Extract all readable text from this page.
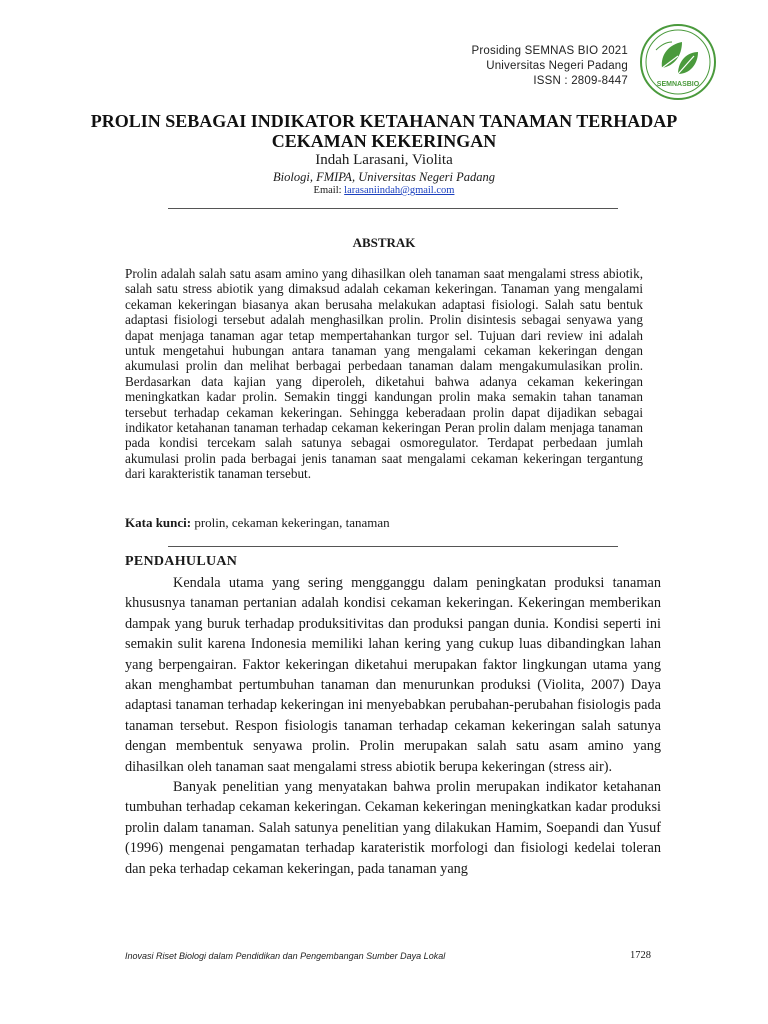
Prosiding SEMNAS BIO 2021
Universitas Negeri Padang
ISSN : 2809-8447	SEMNASBIO
PROLIN SEBAGAI INDIKATOR KETAHANAN TANAMAN TERHADAP
CEKAMAN KEKERINGAN
Indah Larasani, Violita
Biologi, FMIPA, Universitas Negeri Padang
Email: larasaniindah@gmail.com
ABSTRAK

Prolin adalah salah satu asam amino yang dihasilkan oleh tanaman saat mengalami stress abiotik, salah satu stress abiotik yang dimaksud adalah cekaman kekeringan. Tanaman yang mengalami cekaman kekeringan biasanya akan berusaha melakukan adaptasi fisiologi. Salah satu bentuk adaptasi fisiologi tersebut adalah menghasilkan prolin. Prolin disintesis sebagai senyawa yang dapat menjaga tanaman agar tetap mempertahankan turgor sel. Tujuan dari review ini adalah untuk mengetahui hubungan antara tanaman yang mengalami cekaman kekeringan dengan akumulasi prolin dan melihat berbagai perbedaan tanaman dalam mengakumulasikan prolin. Berdasarkan data kajian yang diperoleh, diketahui bahwa adanya cekaman kekeringan meningkatkan kadar prolin. Semakin tinggi kandungan prolin maka semakin tahan tanaman tersebut terhadap cekaman kekeringan. Sehingga keberadaan prolin dapat dijadikan sebagai indikator ketahanan tanaman terhadap cekaman kekeringan Peran prolin dalam menjaga tanaman pada kondisi tercekam salah satunya sebagai osmoregulator. Terdapat perbedaan jumlah akumulasi prolin pada berbagai jenis tanaman saat mengalami cekaman kekeringan tergantung dari karakteristik tanaman tersebut.

Kata kunci: prolin, cekaman kekeringan, tanaman
PENDAHULUAN

Kendala utama yang sering mengganggu dalam peningkatan produksi tanaman khususnya tanaman pertanian adalah kondisi cekaman kekeringan. Kekeringan memberikan dampak yang buruk terhadap produksitivitas dan produksi pangan dunia. Kondisi seperti ini semakin sulit karena Indonesia memiliki lahan kering yang cukup luas dibandingkan lahan yang berpengairan. Faktor kekeringan diketahui merupakan faktor lingkungan utama yang akan menghambat pertumbuhan tanaman dan menurunkan produksi (Violita, 2007) Daya adaptasi tanaman terhadap kekeringan ini menyebabkan perubahan-perubahan fisiologis pada tanaman tersebut. Respon fisiologis tanaman terhadap cekaman kekeringan salah satunya dengan membentuk senyawa prolin. Prolin merupakan salah satu asam amino yang dihasilkan oleh tanaman saat mengalami stress abiotik berupa kekeringan (stress air).

Banyak penelitian yang menyatakan bahwa prolin merupakan indikator ketahanan tumbuhan terhadap cekaman kekeringan. Cekaman kekeringan meningkatkan kadar produksi prolin dalam tanaman. Salah satunya penelitian yang dilakukan Hamim, Soepandi dan Yusuf (1996) mengenai pengamatan terhadap karateristik morfologi dan fisiologi kedelai toleran dan peka terhadap cekaman kekeringan, pada tanaman yang

Inovasi Riset Biologi dalam Pendidikan dan Pengembangan Sumber Daya Lokal	1728
